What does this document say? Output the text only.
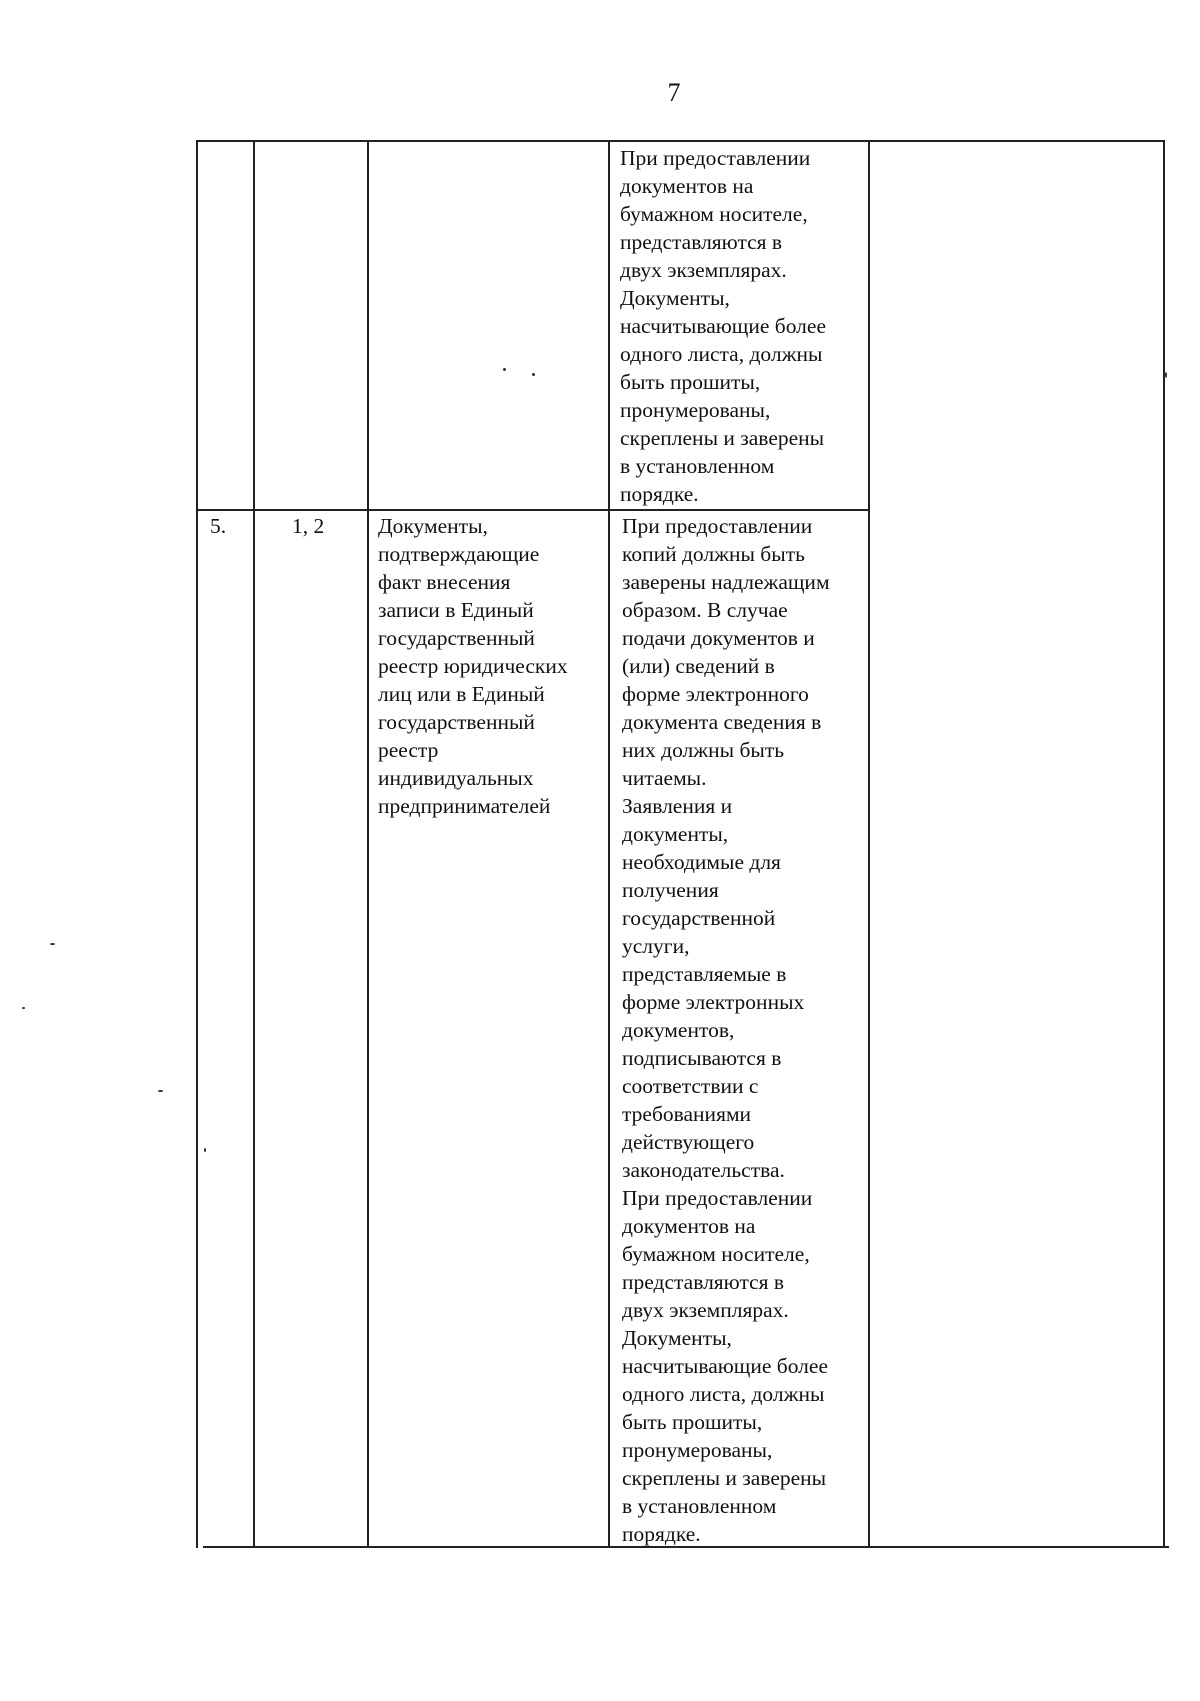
7
При предоставлении
документов на
бумажном носителе,
представляются в
двух экземплярах.
Документы,
насчитывающие более
одного листа, должны
быть прошиты,
пронумерованы,
скреплены и заверены
в установленном
порядке.
5.	1, 2	Документы,
подтверждающие
факт внесения
записи в Единый
государственный
реестр юридических
лиц или в Единый
государственный
реестр
индивидуальных
предпринимателей
При предоставлении
копий должны быть
заверены надлежащим
образом. В случае
подачи документов и
(или) сведений в
форме электронного
документа сведения в
них должны быть
читаемы.
Заявления и
документы,
необходимые для
получения
государственной
услуги,
представляемые в
форме электронных
документов,
подписываются в
соответствии с
требованиями
действующего
законодательства.
При предоставлении
документов на
бумажном носителе,
представляются в
двух экземплярах.
Документы,
насчитывающие более
одного листа, должны
быть прошиты,
пронумерованы,
скреплены и заверены
в установленном
порядке.
